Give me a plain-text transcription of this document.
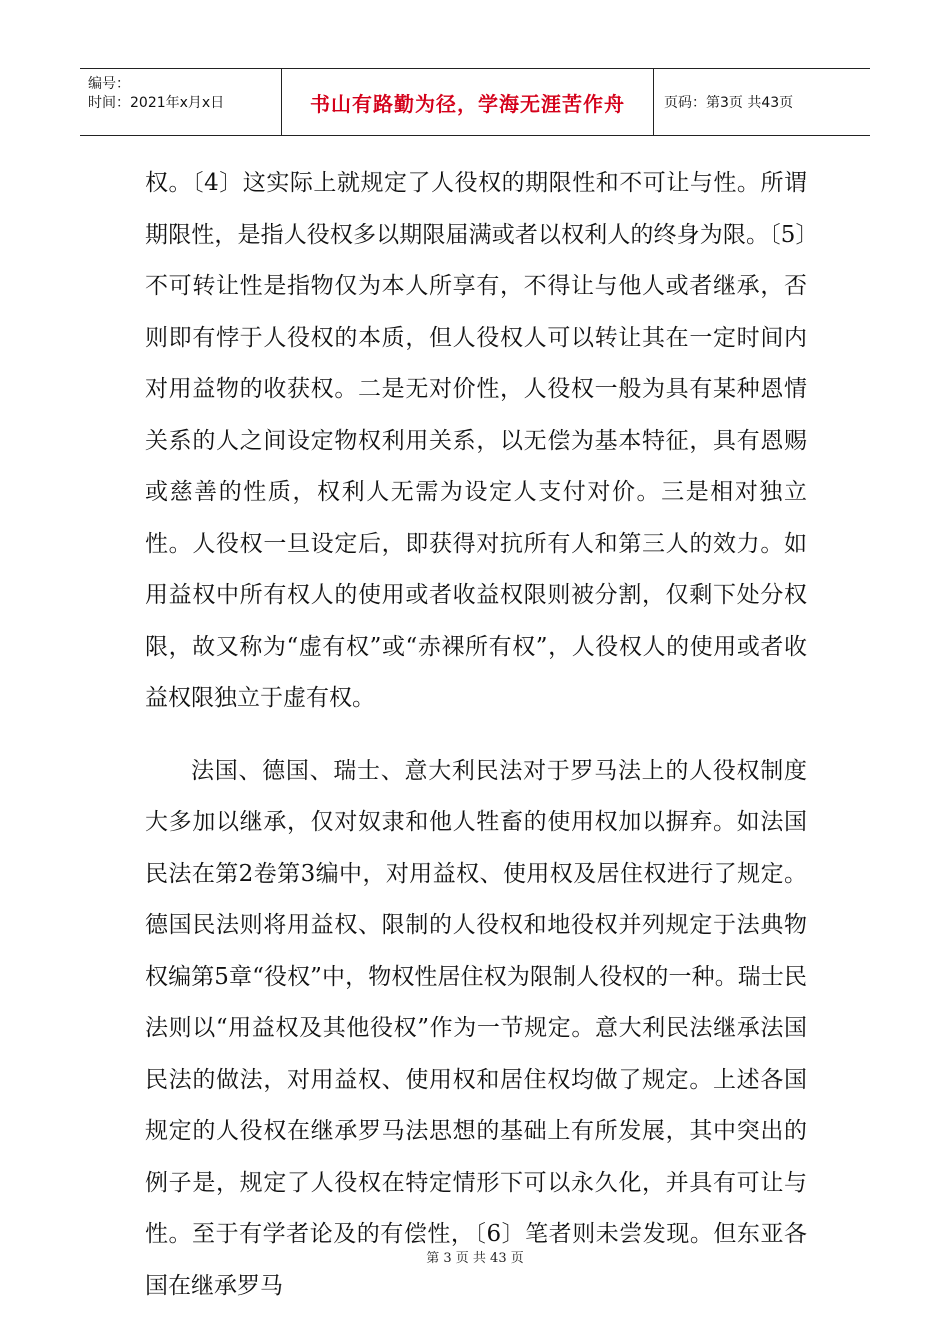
编号：
时间：2021年x月x日	书山有路勤为径，学海无涯苦作舟	页码：第3页 共43页

权。〔4〕这实际上就规定了人役权的期限性和不可让与性。所谓期限性，是指人役权多以期限届满或者以权利人的终身为限。〔5〕不可转让性是指物仅为本人所享有，不得让与他人或者继承，否则即有悖于人役权的本质，但人役权人可以转让其在一定时间内对用益物的收获权。二是无对价性，人役权一般为具有某种恩情关系的人之间设定物权利用关系，以无偿为基本特征，具有恩赐或慈善的性质，权利人无需为设定人支付对价。三是相对独立性。人役权一旦设定后，即获得对抗所有人和第三人的效力。如用益权中所有权人的使用或者收益权限则被分割，仅剩下处分权限，故又称为“虚有权”或“赤裸所有权”，人役权人的使用或者收益权限独立于虚有权。

法国、德国、瑞士、意大利民法对于罗马法上的人役权制度大多加以继承，仅对奴隶和他人牲畜的使用权加以摒弃。如法国民法在第2卷第3编中，对用益权、使用权及居住权进行了规定。德国民法则将用益权、限制的人役权和地役权并列规定于法典物权编第5章“役权”中，物权性居住权为限制人役权的一种。瑞士民法则以“用益权及其他役权”作为一节规定。意大利民法继承法国民法的做法，对用益权、使用权和居住权均做了规定。上述各国规定的人役权在继承罗马法思想的基础上有所发展，其中突出的例子是，规定了人役权在特定情形下可以永久化，并具有可让与性。至于有学者论及的有偿性，〔6〕笔者则未尝发现。但东亚各国在继承罗马

第 3 页 共 43 页
